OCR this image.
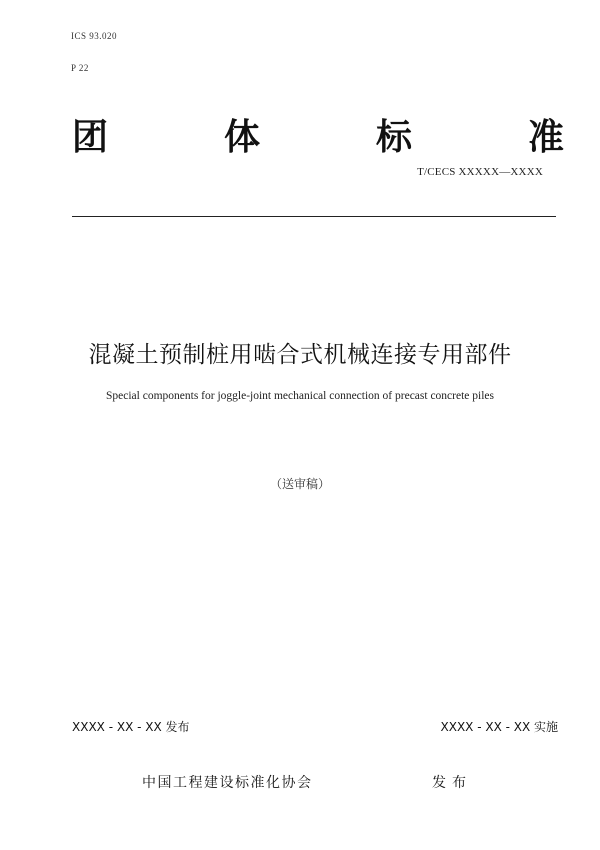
ICS 93.020
P 22
团	体	标	准
T/CECS XXXXX—XXXX
混凝土预制桩用啮合式机械连接专用部件
Special components for joggle-joint mechanical connection of precast concrete piles
（送审稿）
XXXX - XX - XX 发布	XXXX - XX - XX 实施
中国工程建设标准化协会	发布
